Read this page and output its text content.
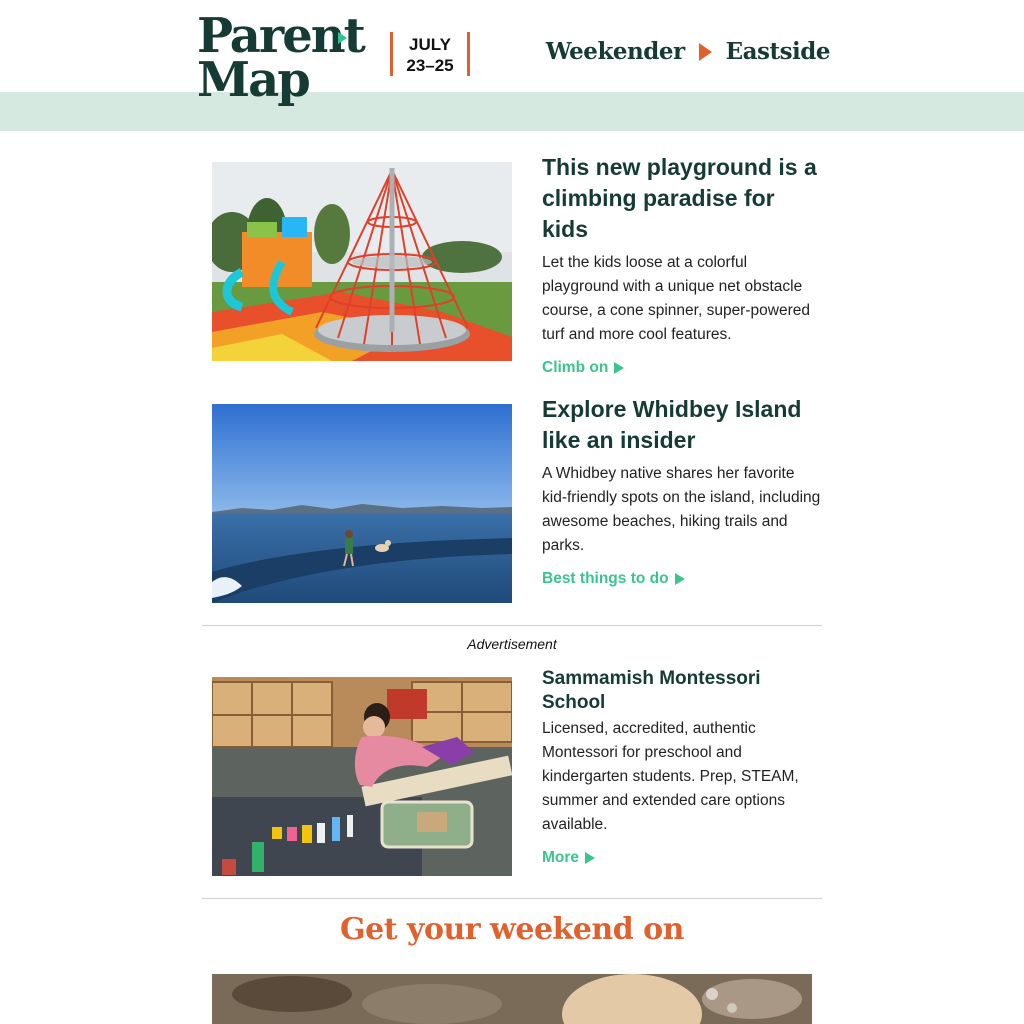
Parent
Map
JULY
23–25
Weekender Eastside
This new playground is a climbing paradise for kids

Let the kids loose at a colorful playground with a unique net obstacle course, a cone spinner, super-powered turf and more cool features.

Climb on
Explore Whidbey Island like an insider

A Whidbey native shares her favorite kid-friendly spots on the island, including awesome beaches, hiking trails and parks.

Best things to do
Advertisement
Sammamish Montessori School

Licensed, accredited, authentic Montessori for preschool and kindergarten students. Prep, STEAM, summer and extended care options available.

More
Get your weekend on
